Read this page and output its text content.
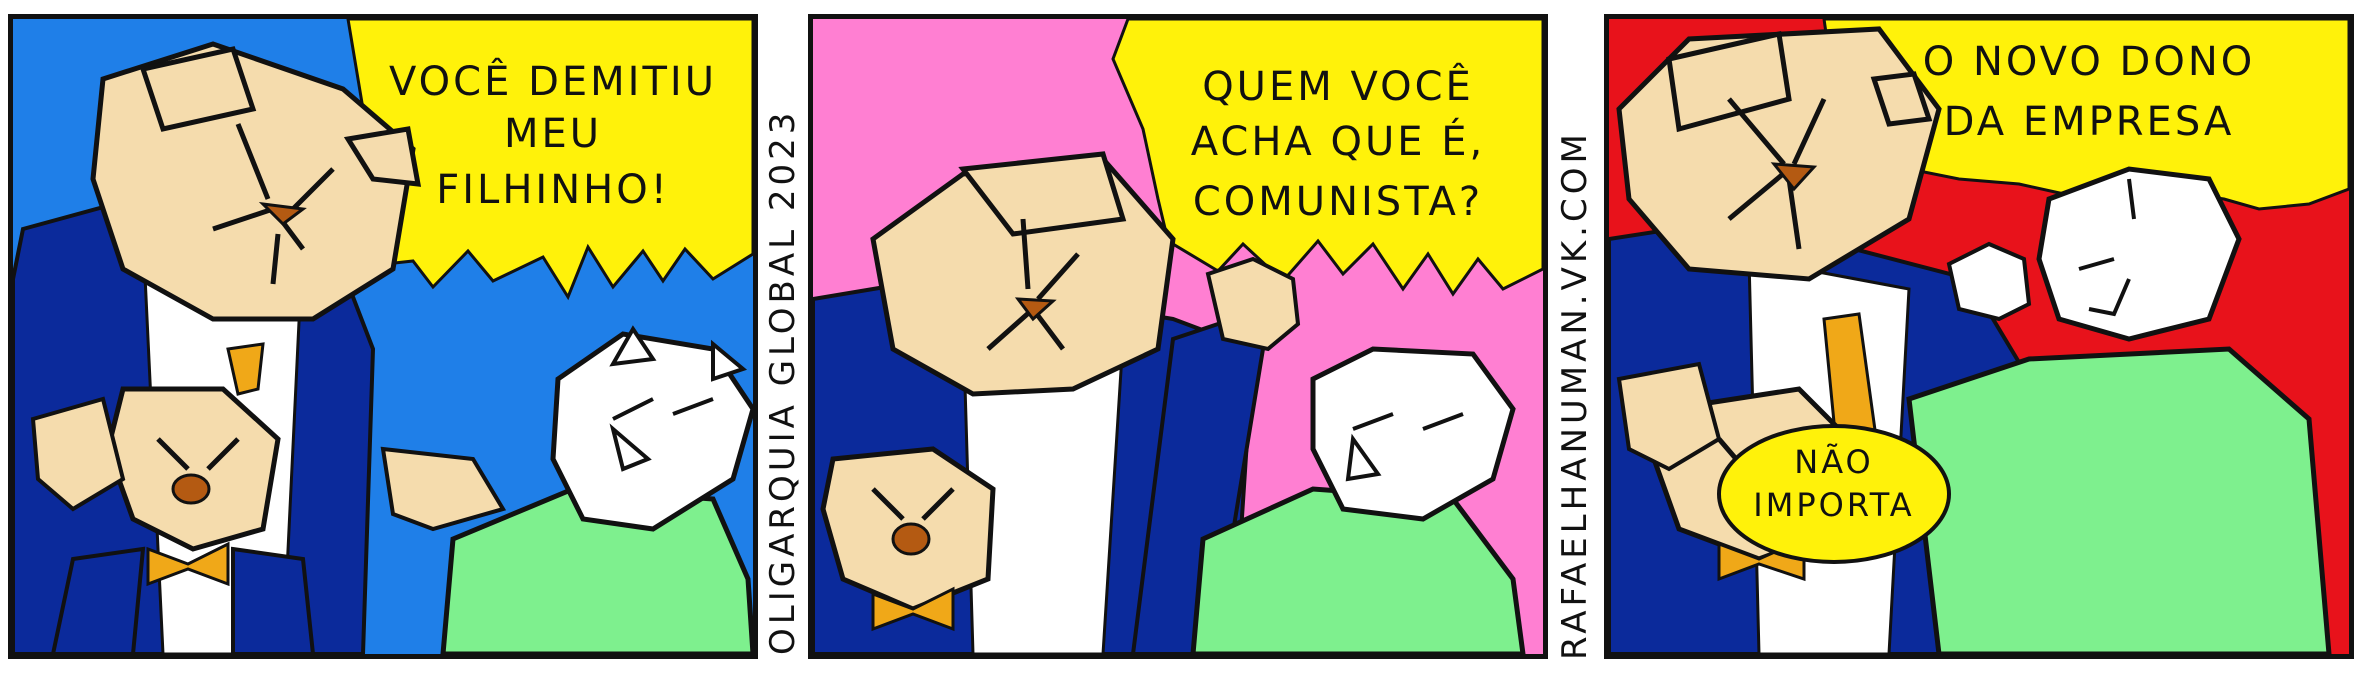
VOCÊ DEMITIU
MEU
FILHINHO!	OLIGARQUIA GLOBAL 2023
QUEM VOCÊ
ACHA QUE É,
COMUNISTA?	RAFAELHANUMAN.VK.COM
O NOVO DONO
DA EMPRESA
NÃO
IMPORTA
